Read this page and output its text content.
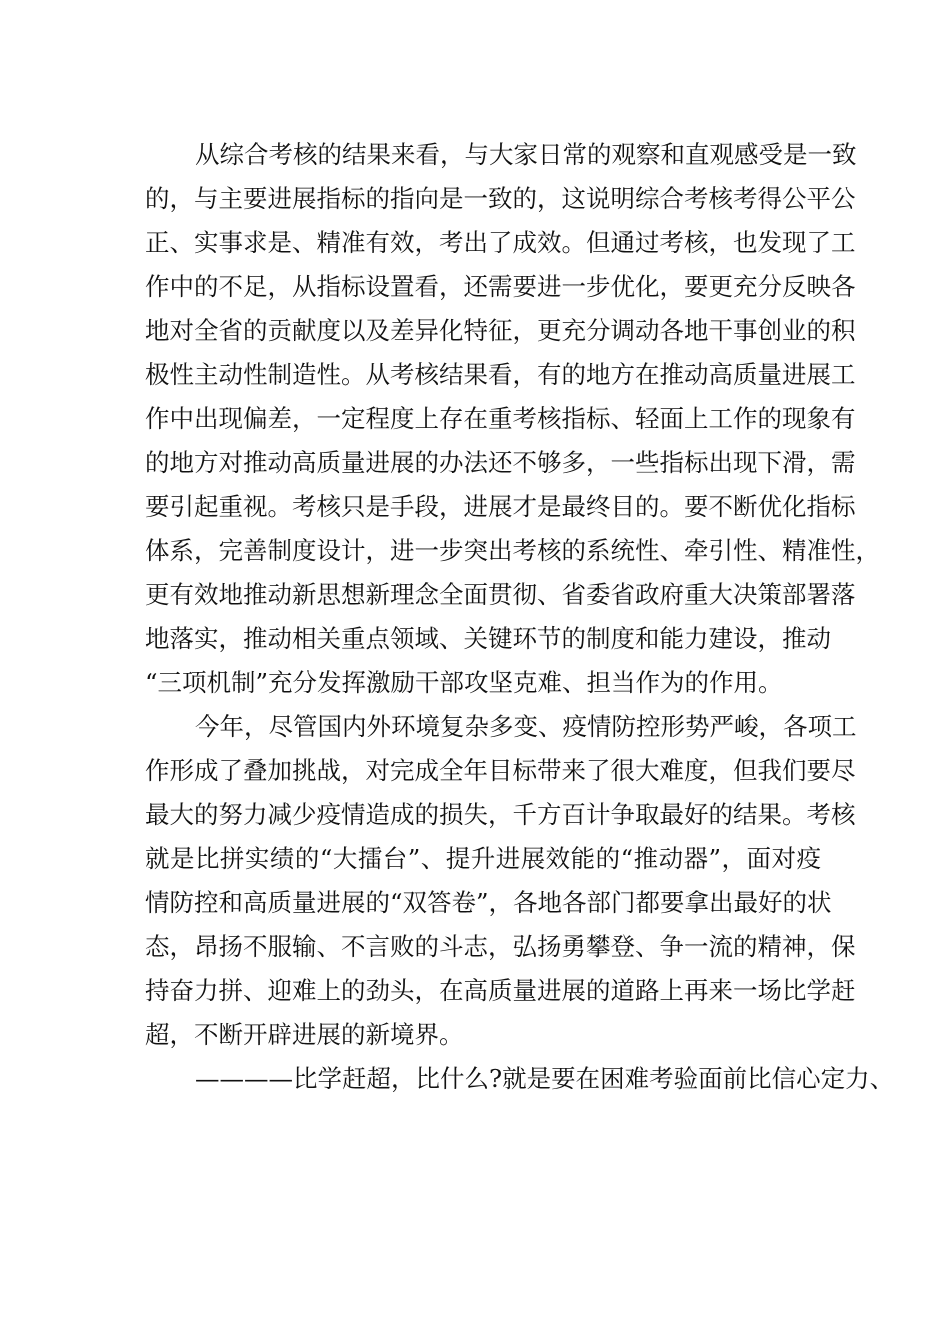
从综合考核的结果来看，与大家日常的观察和直观感受是一致
的，与主要进展指标的指向是一致的，这说明综合考核考得公平公
正、实事求是、精准有效，考出了成效。但通过考核，也发现了工
作中的不足，从指标设置看，还需要进一步优化，要更充分反映各
地对全省的贡献度以及差异化特征，更充分调动各地干事创业的积
极性主动性制造性。从考核结果看，有的地方在推动高质量进展工
作中出现偏差，一定程度上存在重考核指标、轻面上工作的现象有
的地方对推动高质量进展的办法还不够多，一些指标出现下滑，需
要引起重视。考核只是手段，进展才是最终目的。要不断优化指标
体系，完善制度设计，进一步突出考核的系统性、牵引性、精准性，
更有效地推动新思想新理念全面贯彻、省委省政府重大决策部署落
地落实，推动相关重点领域、关键环节的制度和能力建设，推动
“三项机制”充分发挥激励干部攻坚克难、担当作为的作用。
今年，尽管国内外环境复杂多变、疫情防控形势严峻，各项工
作形成了叠加挑战，对完成全年目标带来了很大难度，但我们要尽
最大的努力减少疫情造成的损失，千方百计争取最好的结果。考核
就是比拼实绩的“大擂台”、提升进展效能的“推动器”，面对疫
情防控和高质量进展的“双答卷”，各地各部门都要拿出最好的状
态，昂扬不服输、不言败的斗志，弘扬勇攀登、争一流的精神，保
持奋力拼、迎难上的劲头，在高质量进展的道路上再来一场比学赶
超，不断开辟进展的新境界。
————比学赶超，比什么?就是要在困难考验面前比信心定力、
